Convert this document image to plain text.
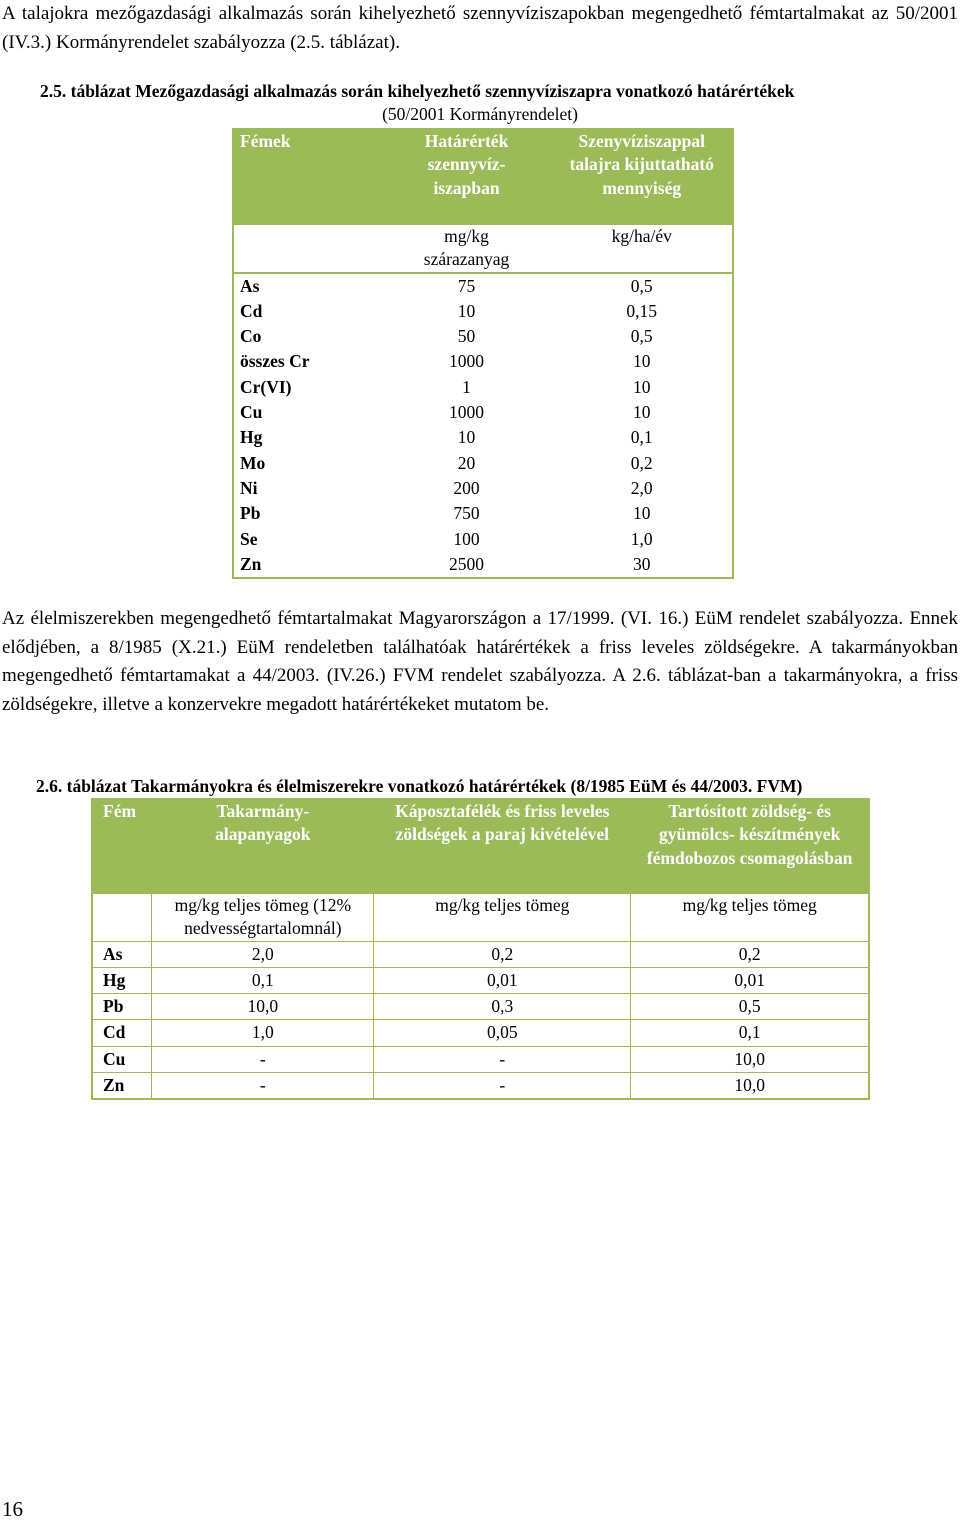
A talajokra mezőgazdasági alkalmazás során kihelyezhető szennyvíziszapokban megengedhető fémtartalmakat az 50/2001 (IV.3.) Kormányrendelet szabályozza (2.5. táblázat).

2.5. táblázat Mezőgazdasági alkalmazás során kihelyezhető szennyvíziszapra vonatkozó határértékek
(50/2001 Kormányrendelet)
Fémek	Határérték szennyvíz-iszapban	Szenyvíziszappal talajra kijuttatható mennyiség
	mg/kg szárazanyag	kg/ha/év
As	75	0,5
Cd	10	0,15
Co	50	0,5
összes Cr	1000	10
Cr(VI)	1	10
Cu	1000	10
Hg	10	0,1
Mo	20	0,2
Ni	200	2,0
Pb	750	10
Se	100	1,0
Zn	2500	30

Az élelmiszerekben megengedhető fémtartalmakat Magyarországon a 17/1999. (VI. 16.) EüM rendelet szabályozza. Ennek elődjében, a 8/1985 (X.21.) EüM rendeletben találhatóak határértékek a friss leveles zöldségekre. A takarmányokban megengedhető fémtartamakat a 44/2003. (IV.26.) FVM rendelet szabályozza. A 2.6. táblázat-ban a takarmányokra, a friss zöldségekre, illetve a konzervekre megadott határértékeket mutatom be.

2.6. táblázat Takarmányokra és élelmiszerekre vonatkozó határértékek (8/1985 EüM és 44/2003. FVM)
Fém	Takarmány-alapanyagok	Káposztafélék és friss leveles zöldségek a paraj kivételével	Tartósított zöldség- és gyümölcs- készítmények fémdobozos csomagolásban
	mg/kg teljes tömeg (12% nedvességtartalomnál)	mg/kg teljes tömeg	mg/kg teljes tömeg
As	2,0	0,2	0,2
Hg	0,1	0,01	0,01
Pb	10,0	0,3	0,5
Cd	1,0	0,05	0,1
Cu	-	-	10,0
Zn	-	-	10,0
16
